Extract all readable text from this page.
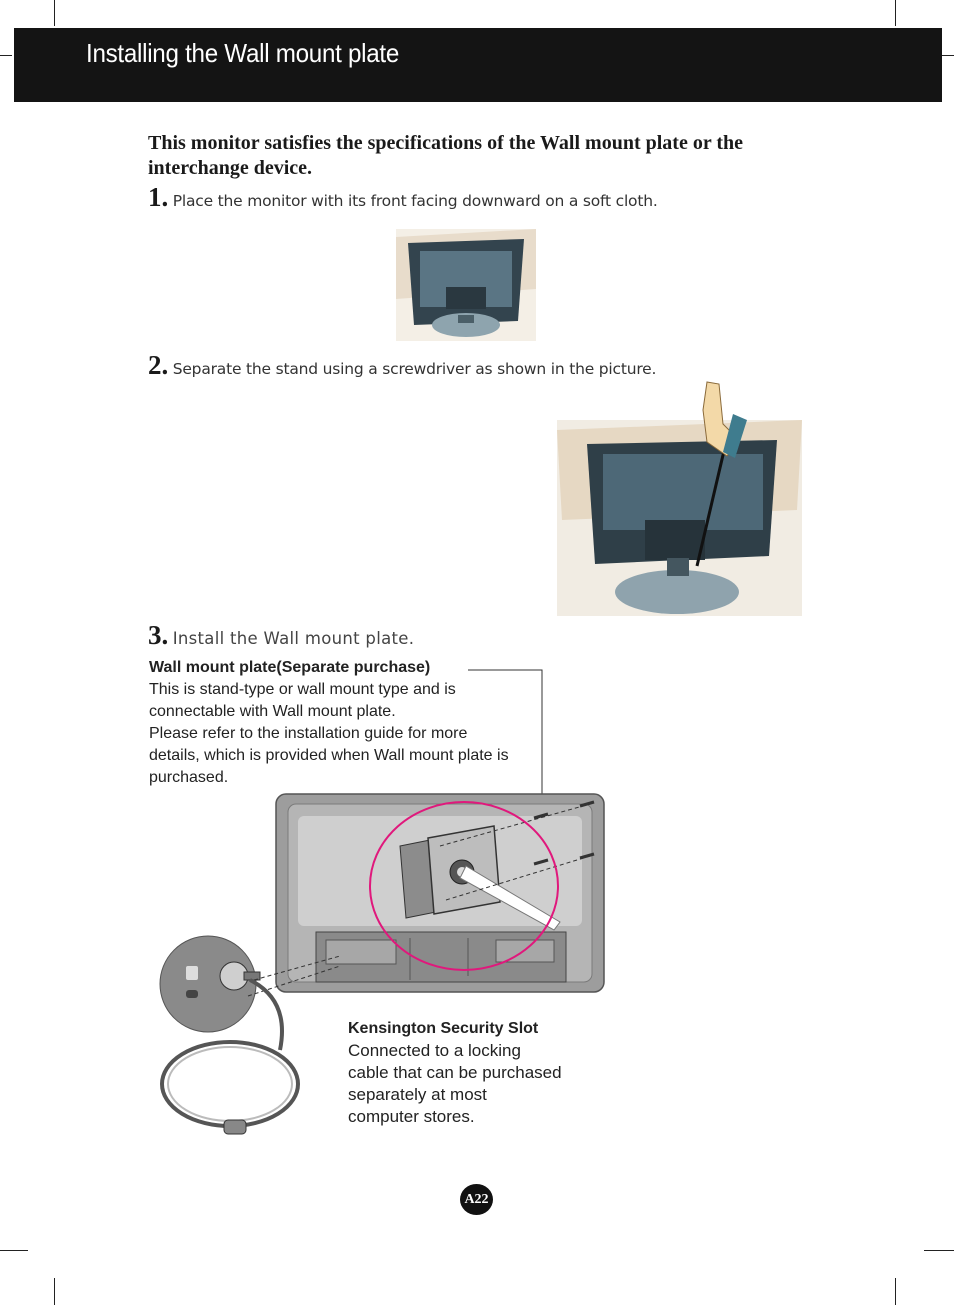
Installing the Wall mount plate
This monitor satisfies the specifications of the Wall mount plate or the interchange device.
1. Place the monitor with its front facing downward on a soft cloth.
2. Separate the stand using a screwdriver as shown in the picture.
3. Install the Wall mount plate.
Wall mount plate(Separate purchase)
This is stand-type or wall mount type and is
connectable with Wall mount plate.
Please refer to the installation guide for more
details, which is provided when Wall mount plate is
purchased.
Kensington Security Slot
Connected to a locking
cable that can be purchased
separately at most
computer stores.
A22
